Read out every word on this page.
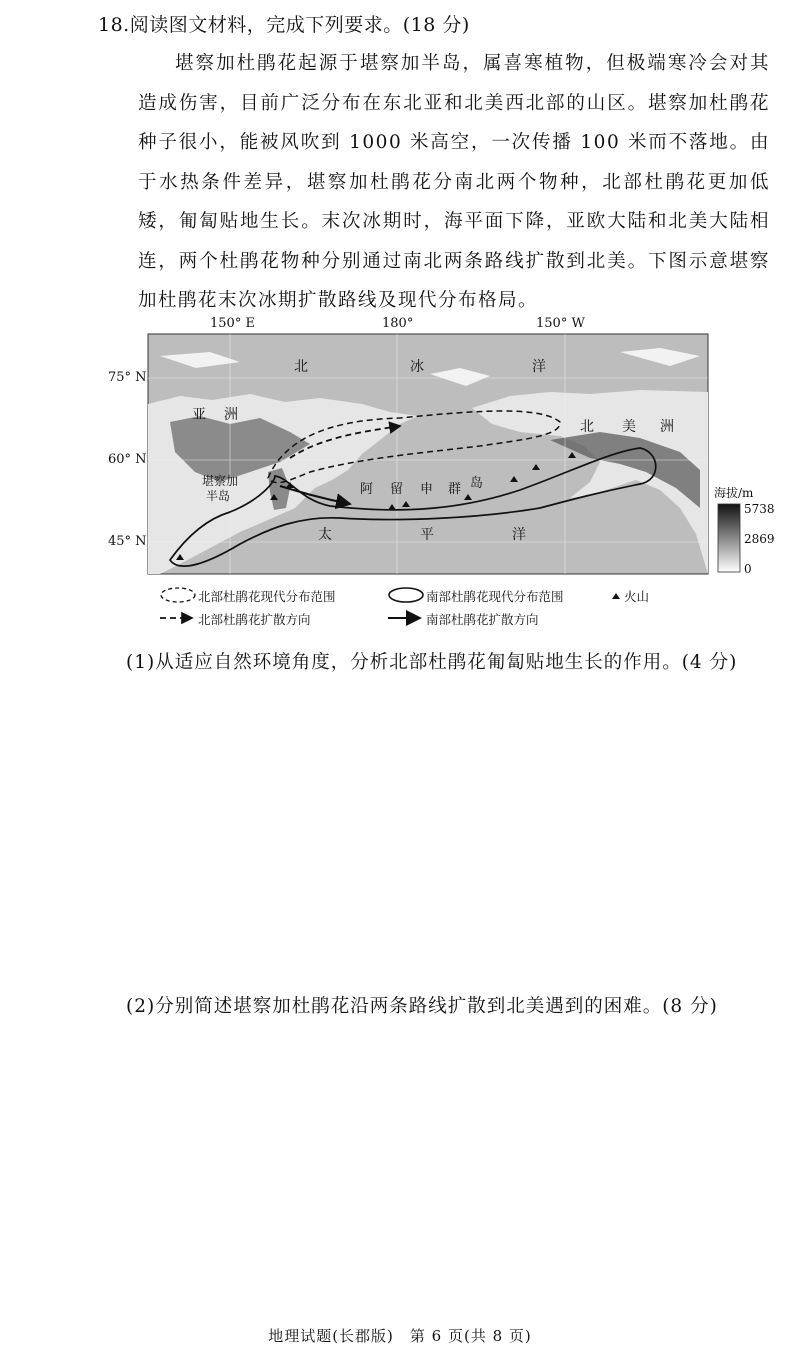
18.阅读图文材料，完成下列要求。(18 分)
堪察加杜鹃花起源于堪察加半岛，属喜寒植物，但极端寒冷会对其造成伤害，目前广泛分布在东北亚和北美西北部的山区。堪察加杜鹃花种子很小，能被风吹到 1000 米高空，一次传播 100 米而不落地。由于水热条件差异，堪察加杜鹃花分南北两个物种，北部杜鹃花更加低矮，匍匐贴地生长。末次冰期时，海平面下降，亚欧大陆和北美大陆相连，两个杜鹃花物种分别通过南北两条路线扩散到北美。下图示意堪察加杜鹃花末次冰期扩散路线及现代分布格局。
150° E	180°	150° W
75° N
60° N
45° N
北	冰	洋
太	平	洋
亚　洲
北 美 洲
堪察加
半岛	阿 留 申 群 岛
海拔/m
5738
2869
0
北部杜鹃花现代分布范围	南部杜鹃花现代分布范围	火山
北部杜鹃花扩散方向	南部杜鹃花扩散方向
(1)从适应自然环境角度，分析北部杜鹃花匍匐贴地生长的作用。(4 分)
(2)分别简述堪察加杜鹃花沿两条路线扩散到北美遇到的困难。(8 分)
地理试题(长郡版)　第 6 页(共 8 页)
